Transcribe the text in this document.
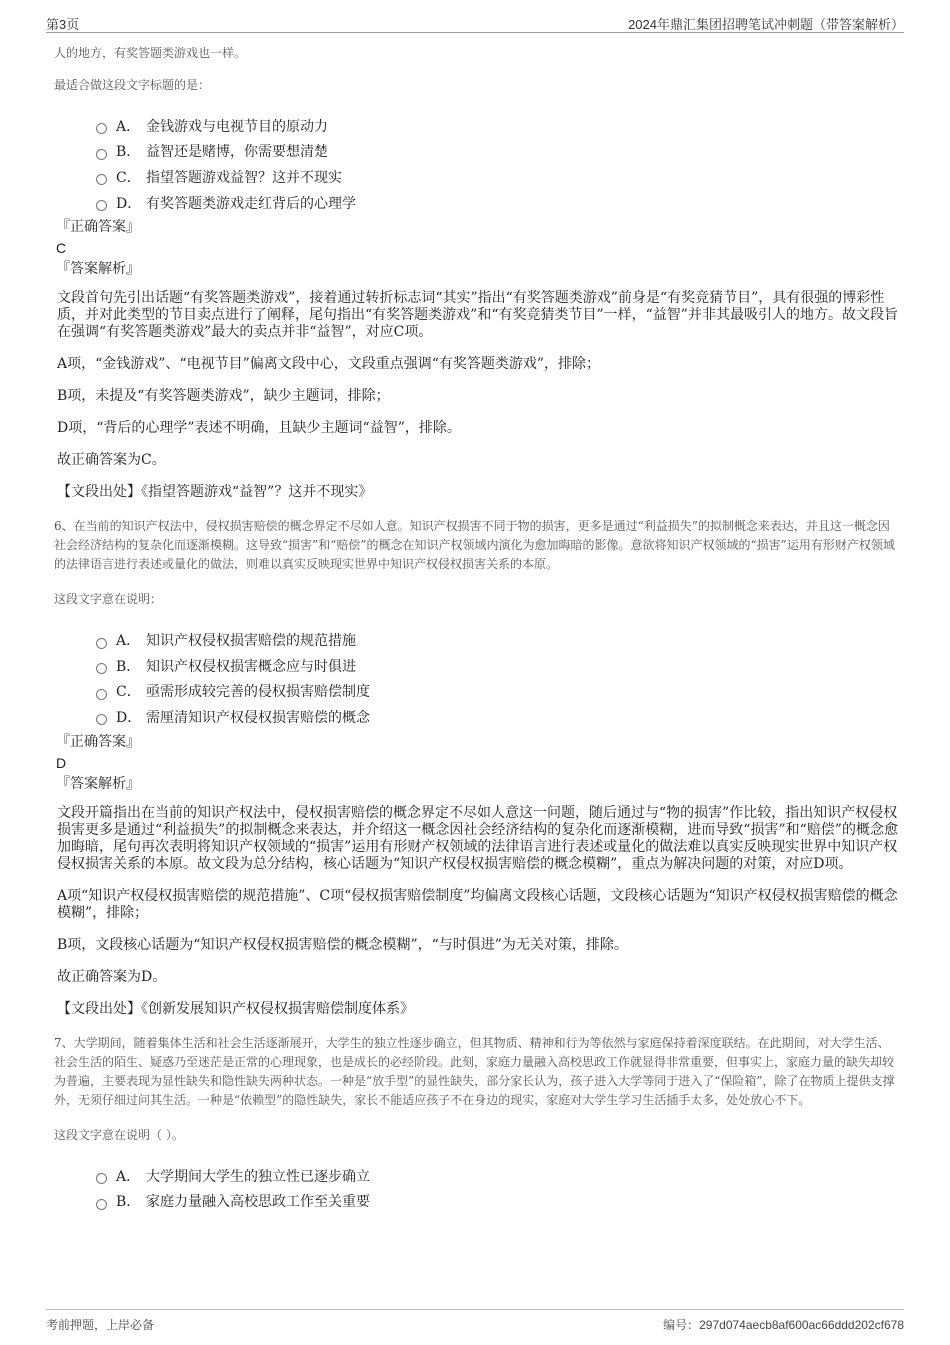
第3页	2024年鼎汇集团招聘笔试冲刺题（带答案解析）
人的地方，有奖答题类游戏也一样。
最适合做这段文字标题的是：
A． 金钱游戏与电视节目的原动力
B． 益智还是赌博，你需要想清楚
C． 指望答题游戏益智？这并不现实
D． 有奖答题类游戏走红背后的心理学
『正确答案』
C
『答案解析』

文段首句先引出话题“有奖答题类游戏”，接着通过转折标志词“其实”指出“有奖答题类游戏”前身是“有奖竞猜节目”，具有很强的博彩性质，并对此类型的节目卖点进行了阐释，尾句指出“有奖答题类游戏”和“有奖竞猜类节目”一样，“益智”并非其最吸引人的地方。故文段旨在强调“有奖答题类游戏”最大的卖点并非“益智”，对应C项。

A项，“金钱游戏”、“电视节目”偏离文段中心，文段重点强调“有奖答题类游戏”，排除；

B项，未提及“有奖答题类游戏”，缺少主题词，排除；

D项，“背后的心理学”表述不明确，且缺少主题词“益智”，排除。

故正确答案为C。

【文段出处】《指望答题游戏“益智”？这并不现实》

6、在当前的知识产权法中，侵权损害赔偿的概念界定不尽如人意。知识产权损害不同于物的损害，更多是通过“利益损失”的拟制概念来表达，并且这一概念因社会经济结构的复杂化而逐渐模糊。这导致“损害”和“赔偿”的概念在知识产权领域内演化为愈加晦暗的影像。意欲将知识产权领域的“损害”运用有形财产权领域的法律语言进行表述或量化的做法，则难以真实反映现实世界中知识产权侵权损害关系的本原。
这段文字意在说明：
A． 知识产权侵权损害赔偿的规范措施
B． 知识产权侵权损害概念应与时俱进
C． 亟需形成较完善的侵权损害赔偿制度
D． 需厘清知识产权侵权损害赔偿的概念
『正确答案』
D
『答案解析』

文段开篇指出在当前的知识产权法中，侵权损害赔偿的概念界定不尽如人意这一问题，随后通过与“物的损害”作比较，指出知识产权侵权损害更多是通过“利益损失”的拟制概念来表达，并介绍这一概念因社会经济结构的复杂化而逐渐模糊，进而导致“损害”和“赔偿”的概念愈加晦暗，尾句再次表明将知识产权领域的“损害”运用有形财产权领域的法律语言进行表述或量化的做法难以真实反映现实世界中知识产权侵权损害关系的本原。故文段为总分结构，核心话题为“知识产权侵权损害赔偿的概念模糊”，重点为解决问题的对策，对应D项。

A项“知识产权侵权损害赔偿的规范措施”、C项“侵权损害赔偿制度”均偏离文段核心话题，文段核心话题为“知识产权侵权损害赔偿的概念模糊”，排除；

B项，文段核心话题为“知识产权侵权损害赔偿的概念模糊”，“与时俱进”为无关对策，排除。

故正确答案为D。

【文段出处】《创新发展知识产权侵权损害赔偿制度体系》

7、大学期间，随着集体生活和社会生活逐渐展开，大学生的独立性逐步确立，但其物质、精神和行为等依然与家庭保持着深度联结。在此期间，对大学生活、社会生活的陌生、疑惑乃至迷茫是正常的心理现象，也是成长的必经阶段。此刻，家庭力量融入高校思政工作就显得非常重要，但事实上，家庭力量的缺失却较为普遍，主要表现为显性缺失和隐性缺失两种状态。一种是“放手型”的显性缺失，部分家长认为，孩子进入大学等同于进入了“保险箱”，除了在物质上提供支撑外，无须仔细过问其生活。一种是“依赖型”的隐性缺失，家长不能适应孩子不在身边的现实，家庭对大学生学习生活插手太多，处处放心不下。
这段文字意在说明（ ）。
A． 大学期间大学生的独立性已逐步确立
B． 家庭力量融入高校思政工作至关重要
考前押题，上岸必备	编号：297d074aecb8af600ac66ddd202cf678
